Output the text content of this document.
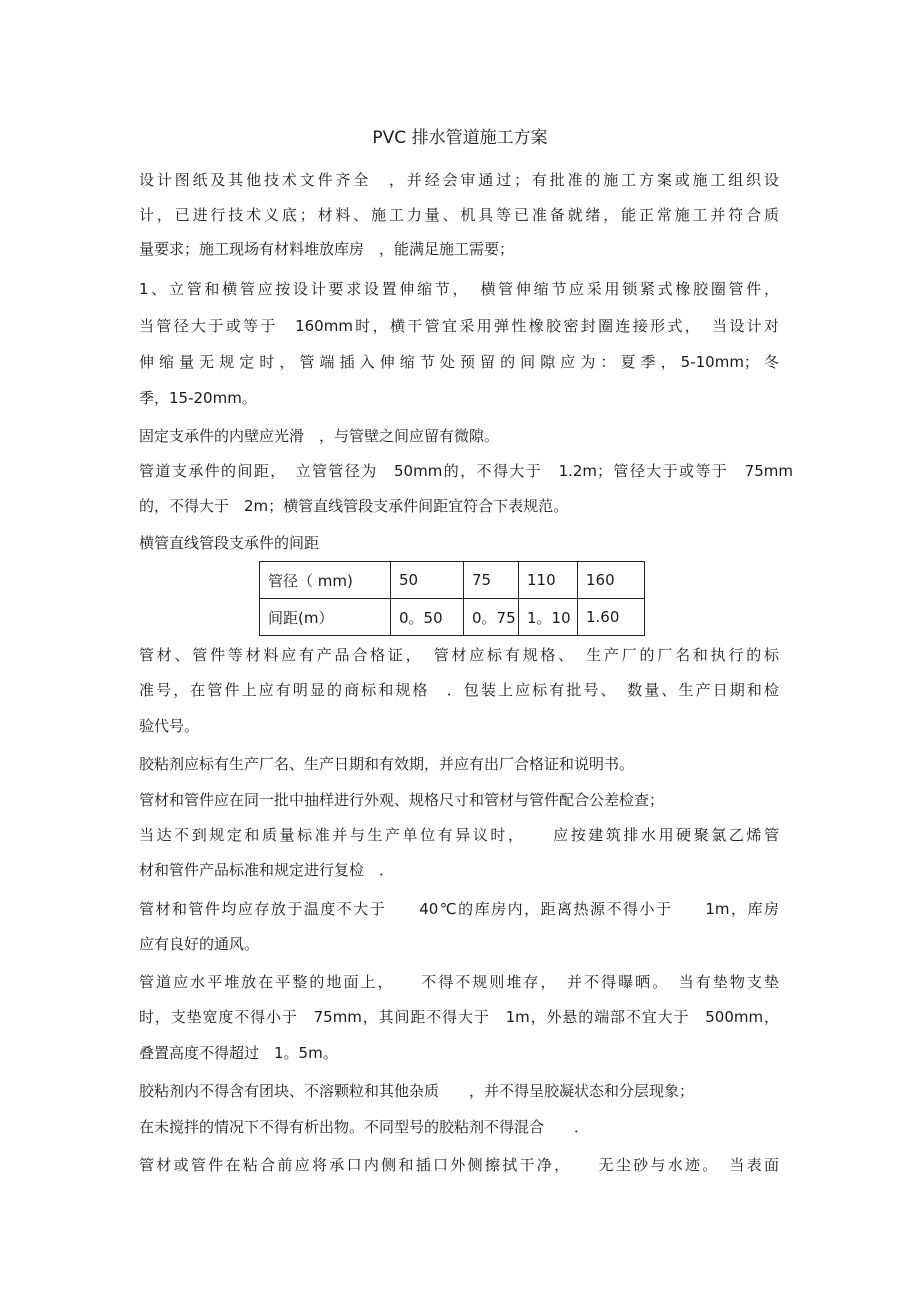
PVC 排水管道施工方案
设计图纸及其他技术文件齐全　，并经会审通过；有批准的施工方案或施工组织设
计，已进行技术义底；材料、施工力量、机具等已准备就绪，能正常施工并符合质
量要求；施工现场有材料堆放库房　，能满足施工需要；
1、立管和横管应按设计要求设置伸缩节，　横管伸缩节应采用锁紧式橡胶圈管件，
当管径大于或等于　160mm时，横干管宜采用弹性橡胶密封圈连接形式，　当设计对
伸缩量无规定时，管端插入伸缩节处预留的间隙应为：夏季，5-10mm；冬
季，15-20mm。
固定支承件的内壁应光滑　，与管壁之间应留有微隙。
管道支承件的间距，　立管管径为　50mm的，不得大于　1.2m；管径大于或等于　75mm
的，不得大于　2m；横管直线管段支承件间距宜符合下表规范。
横管直线管段支承件的间距
管径（ mm)	50	75	110	160
间距(m）	0。50	0。75	1。10	1.60
管材、管件等材料应有产品合格证，　管材应标有规格、　生产厂的厂名和执行的标
准号，在管件上应有明显的商标和规格　．包装上应标有批号、　数量、生产日期和检
验代号。
胶粘剂应标有生产厂名、生产日期和有效期，并应有出厂合格证和说明书。
管材和管件应在同一批中抽样进行外观、规格尺寸和管材与管件配合公差检查；
当达不到规定和质量标准并与生产单位有异议时，　　应按建筑排水用硬聚氯乙烯管
材和管件产品标准和规定进行复检　．
管材和管件均应存放于温度不大于　　40℃的库房内，距离热源不得小于　　1m，库房
应有良好的通风。
管道应水平堆放在平整的地面上，　　不得不规则堆存，　并不得曝晒。　当有垫物支垫
时，支垫宽度不得小于　75mm，其间距不得大于　1m，外悬的端部不宜大于　500mm，
叠置高度不得超过　1。5m。
胶粘剂内不得含有团块、不溶颗粒和其他杂质　　，并不得呈胶凝状态和分层现象；
在未搅拌的情况下不得有析出物。不同型号的胶粘剂不得混合　　．
管材或管件在粘合前应将承口内侧和插口外侧擦拭干净，　　无尘砂与水迹。　当表面
